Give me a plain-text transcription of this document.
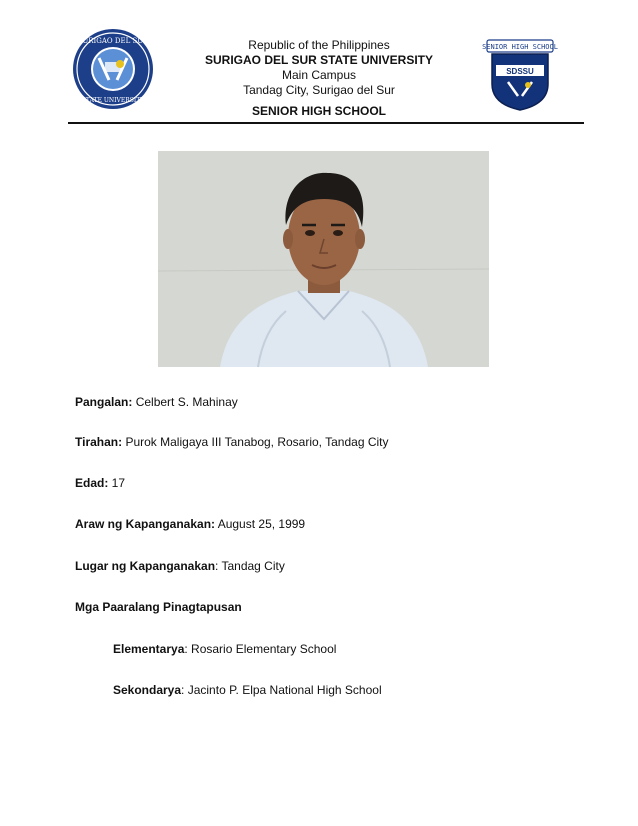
SURIGAO DEL SUR
STATE UNIVERSITY
Republic of the Philippines
SURIGAO DEL SUR STATE UNIVERSITY
Main Campus
Tandag City, Surigao del Sur
SENIOR HIGH SCHOOL
SENIOR HIGH SCHOOL
SDSSU
Pangalan: Celbert S. Mahinay
Tirahan: Purok Maligaya III Tanabog, Rosario, Tandag City
Edad: 17
Araw ng Kapanganakan: August 25, 1999
Lugar ng Kapanganakan: Tandag City
Mga Paaralang Pinagtapusan
Elementarya: Rosario Elementary School
Sekondarya: Jacinto P. Elpa National High School
